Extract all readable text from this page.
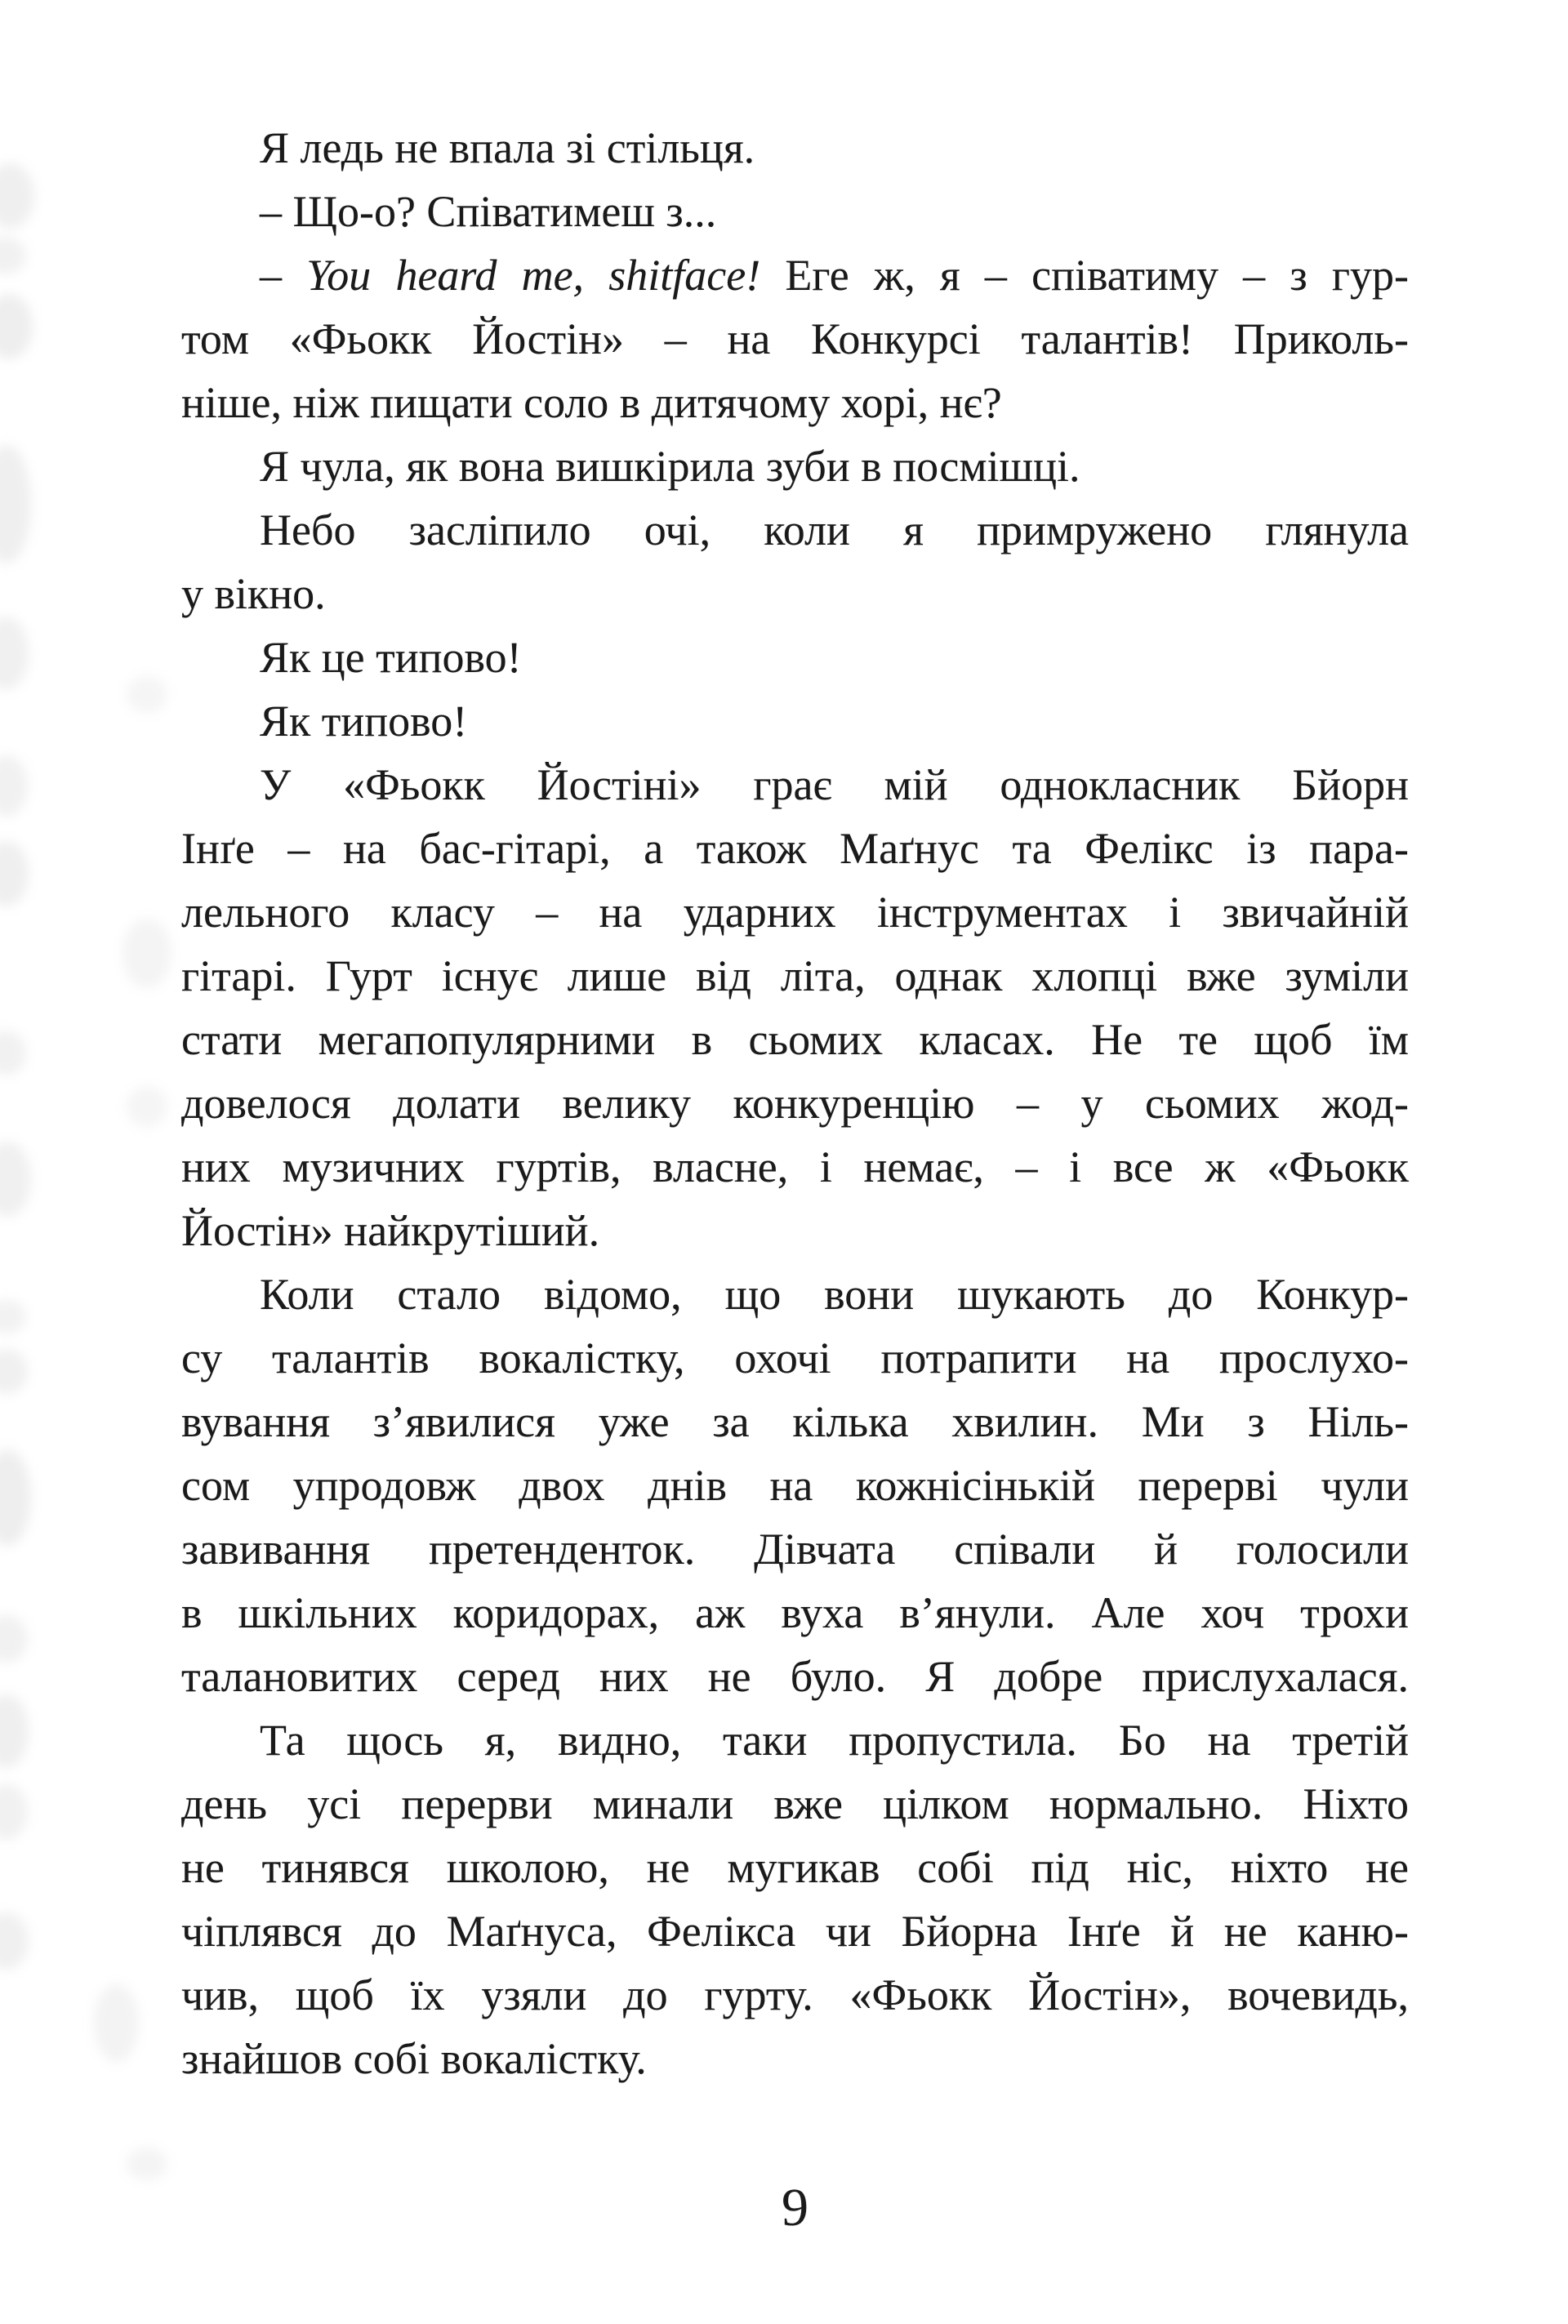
Я ледь не впала зі стільця.
– Що-о? Співатимеш з...
– You heard me, shitface! Еге ж, я – співатиму – з гур-
том «Фьокк Йостін» – на Конкурсі талантів! Приколь-
ніше, ніж пищати соло в дитячому хорі, нє?
Я чула, як вона вишкірила зуби в посмішці.
Небо засліпило очі, коли я примружено глянула
у вікно.
Як це типово!
Як типово!
У «Фьокк Йостіні» грає мій однокласник Бйорн
Інґе – на бас-гітарі, а також Маґнус та Фелікс із пара-
лельного класу – на ударних інструментах і звичайній
гітарі. Гурт існує лише від літа, однак хлопці вже зуміли
стати мегапопулярними в сьомих класах. Не те щоб їм
довелося долати велику конкуренцію – у сьомих жод-
них музичних гуртів, власне, і немає, – і все ж «Фьокк
Йостін» найкрутіший.
Коли стало відомо, що вони шукають до Конкур-
су талантів вокалістку, охочі потрапити на прослухо-
вування з’явилися уже за кілька хвилин. Ми з Ніль-
сом упродовж двох днів на кожнісінькій перерві чули
завивання претенденток. Дівчата співали й голосили
в шкільних коридорах, аж вуха в’янули. Але хоч трохи
талановитих серед них не було. Я добре прислухалася.
Та щось я, видно, таки пропустила. Бо на третій
день усі перерви минали вже цілком нормально. Ніхто
не тинявся школою, не мугикав собі під ніс, ніхто не
чіплявся до Маґнуса, Фелікса чи Бйорна Інґе й не каню-
чив, щоб їх узяли до гурту. «Фьокк Йостін», вочевидь,
знайшов собі вокалістку.
9
